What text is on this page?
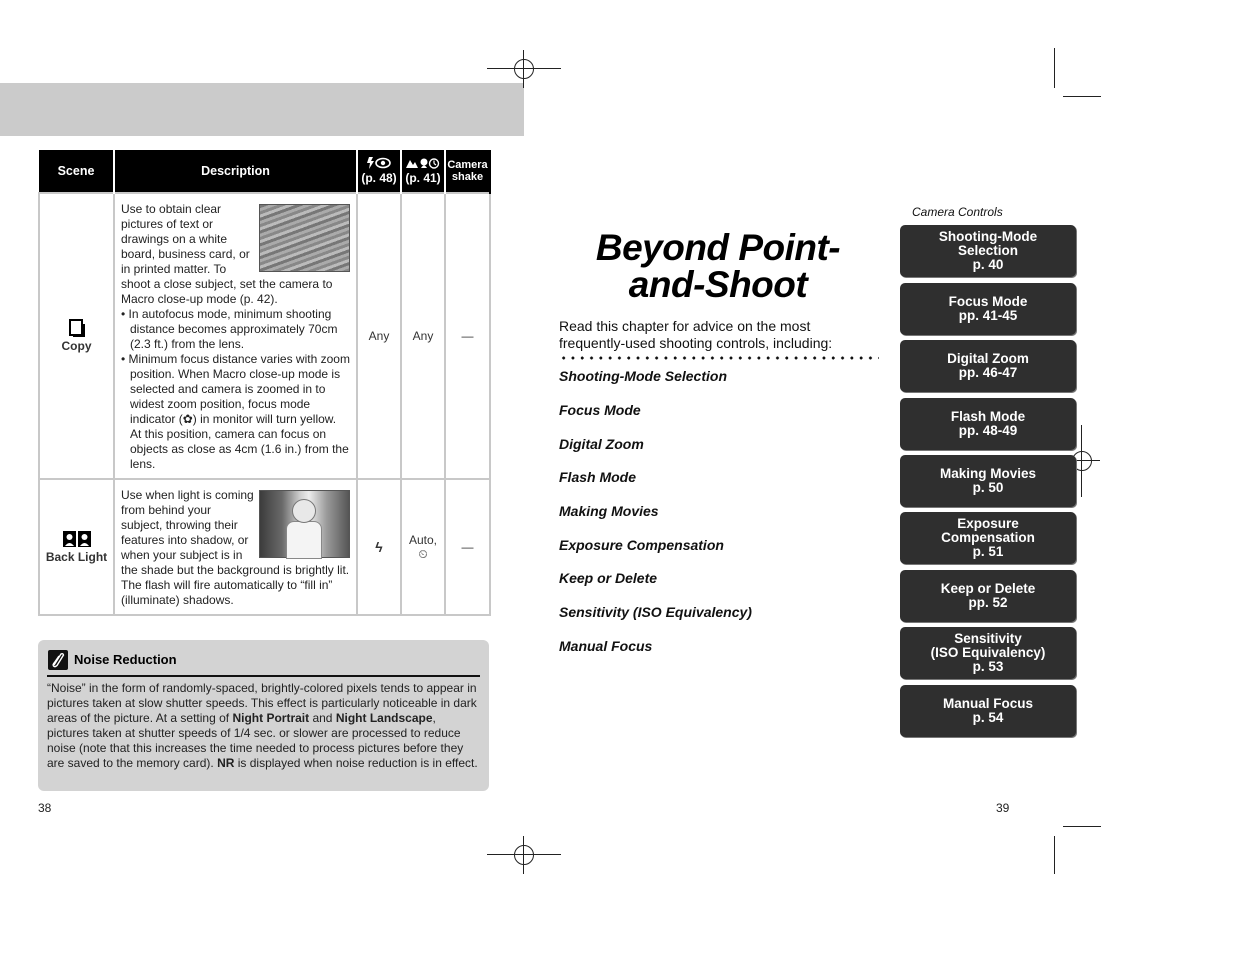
Scene	Description	(p. 48)	(p. 41)	Camera
shake

Copy	Use to obtain clear pictures of text or drawings on a white board, business card, or in printed matter. To shoot a close subject, set the camera to Macro close-up mode (p. 42).
• In autofocus mode, minimum shooting distance becomes approximately 70cm (2.3 ft.) from the lens.
• Minimum focus distance varies with zoom position. When Macro close-up mode is selected and camera is zoomed in to widest zoom position, focus mode indicator (✿) in monitor will turn yellow. At this position, camera can focus on objects as close as 4cm (1.6 in.) from the lens.	Any	Any	—

Back Light	Use when light is coming from behind your subject, throwing their features into shadow, or when your subject is in the shade but the background is brightly lit. The flash will fire automatically to “fill in” (illuminate) shadows.	ϟ	Auto,
⏲	—
Noise Reduction
“Noise” in the form of randomly-spaced, brightly-colored pixels tends to appear in pictures taken at slow shutter speeds. This effect is particularly noticeable in dark areas of the picture. At a setting of Night Portrait and Night Landscape, pictures taken at shutter speeds of 1/4 sec. or slower are processed to reduce noise (note that this increases the time needed to process pictures before they are saved to the memory card). NR is displayed when noise reduction is in effect.
38
Camera Controls
Beyond Point-
and-Shoot
Read this chapter for advice on the most frequently-used shooting controls, including:
Shooting-Mode Selection
Focus Mode
Digital Zoom
Flash Mode
Making Movies
Exposure Compensation
Keep or Delete
Sensitivity (ISO Equivalency)
Manual Focus
Shooting-Mode
Selection
p. 40
Focus Mode
pp. 41-45
Digital Zoom
pp. 46-47
Flash Mode
pp. 48-49
Making Movies
p. 50
Exposure
Compensation
p. 51
Keep or Delete
pp. 52
Sensitivity
(ISO Equivalency)
p. 53
Manual Focus
p. 54
39
